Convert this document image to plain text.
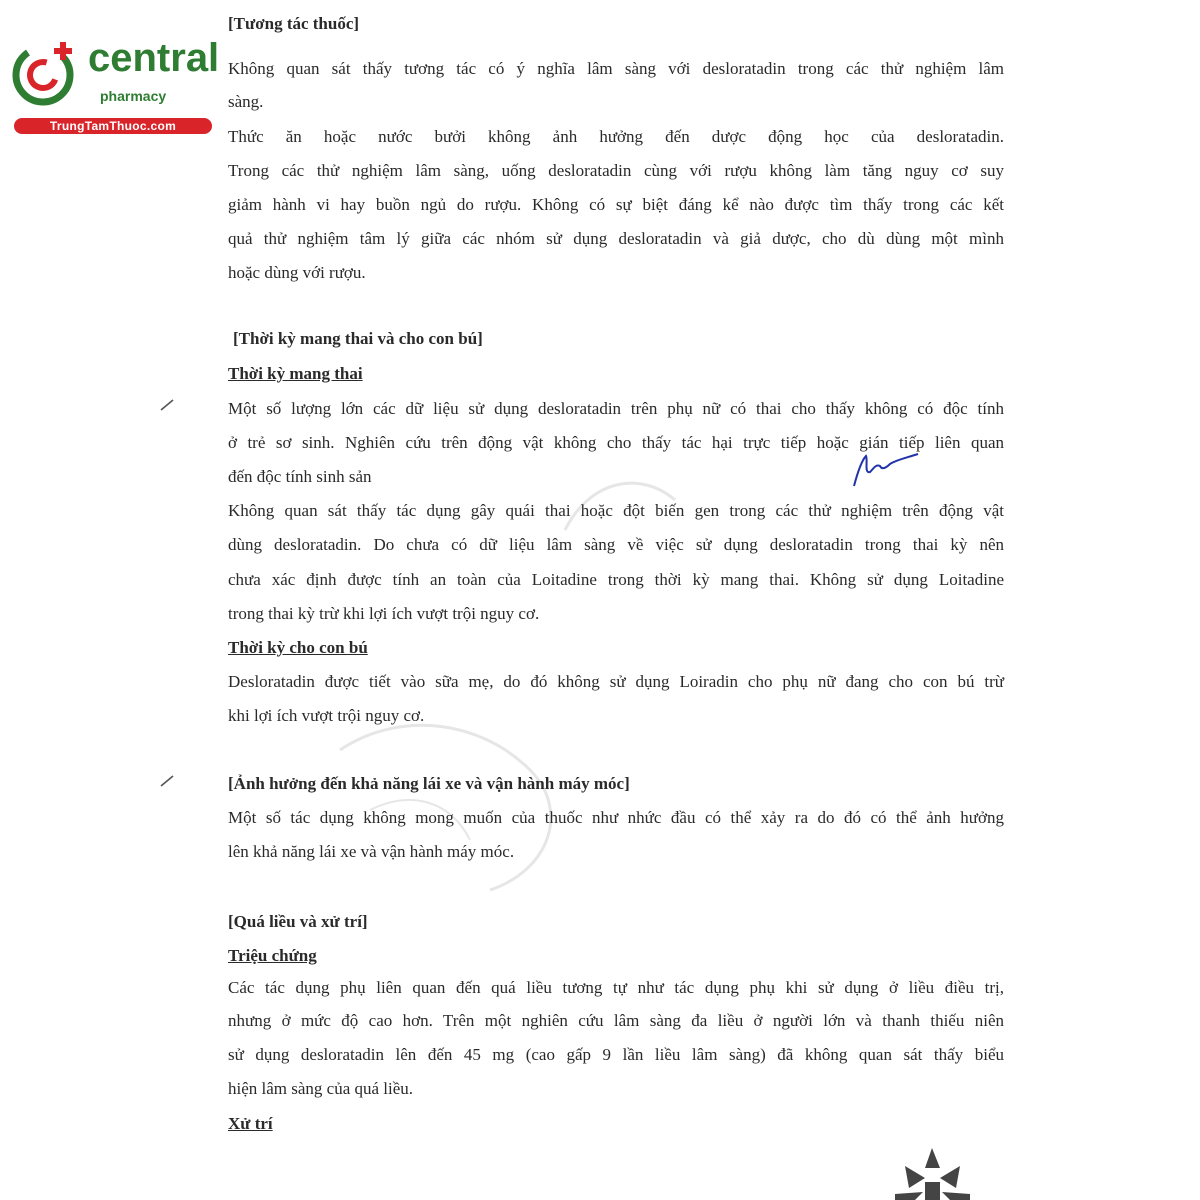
central
pharmacy
TrungTamThuoc.com
[Tương tác thuốc]
Không quan sát thấy tương tác có ý nghĩa lâm sàng với desloratadin trong các thử nghiệm lâm
sàng.
Thức ăn hoặc nước bưởi không ảnh hưởng đến dược động học của desloratadin.
Trong các thử nghiệm lâm sàng, uống desloratadin cùng với rượu không làm tăng nguy cơ suy
giảm hành vi hay buồn ngủ do rượu. Không có sự biệt đáng kể nào được tìm thấy trong các kết
quả thử nghiệm tâm lý giữa các nhóm sử dụng desloratadin và giả dược, cho dù dùng một mình
hoặc dùng với rượu.
[Thời kỳ mang thai và cho con bú]
Thời kỳ mang thai
Một số lượng lớn các dữ liệu sử dụng desloratadin trên phụ nữ có thai cho thấy không có độc tính
ở trẻ sơ sinh. Nghiên cứu trên động vật không cho thấy tác hại trực tiếp hoặc gián tiếp liên quan
đến độc tính sinh sản
Không quan sát thấy tác dụng gây quái thai hoặc đột biến gen trong các thử nghiệm trên động vật
dùng desloratadin. Do chưa có dữ liệu lâm sàng về việc sử dụng desloratadin trong thai kỳ nên
chưa xác định được tính an toàn của Loitadine trong thời kỳ mang thai. Không sử dụng Loitadine
trong thai kỳ trừ khi lợi ích vượt trội nguy cơ.
Thời kỳ cho con bú
Desloratadin được tiết vào sữa mẹ, do đó không sử dụng Loiradin cho phụ nữ đang cho con bú trừ
khi lợi ích vượt trội nguy cơ.
[Ảnh hưởng đến khả năng lái xe và vận hành máy móc]
Một số tác dụng không mong muốn của thuốc như nhức đầu có thể xảy ra do đó có thể ảnh hưởng
lên khả năng lái xe và vận hành máy móc.
[Quá liều và xử trí]
Triệu chứng
Các tác dụng phụ liên quan đến quá liều tương tự như tác dụng phụ khi sử dụng ở liều điều trị,
nhưng ở mức độ cao hơn. Trên một nghiên cứu lâm sàng đa liều ở người lớn và thanh thiếu niên
sử dụng desloratadin lên đến 45 mg (cao gấp 9 lần liều lâm sàng) đã không quan sát thấy biểu
hiện lâm sàng của quá liều.
Xử trí
